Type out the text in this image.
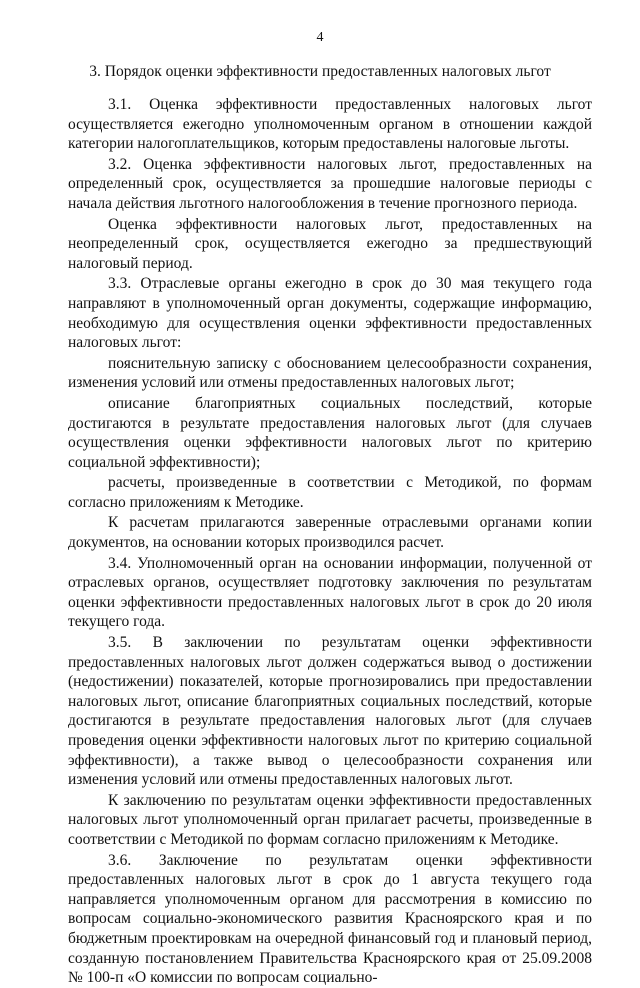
4
3. Порядок оценки эффективности предоставленных налоговых льгот

3.1. Оценка эффективности предоставленных налоговых льгот осуществляется ежегодно уполномоченным органом в отношении каждой категории налогоплательщиков, которым предоставлены налоговые льготы.

3.2. Оценка эффективности налоговых льгот, предоставленных на определенный срок, осуществляется за прошедшие налоговые периоды с начала действия льготного налогообложения в течение прогнозного периода.

Оценка эффективности налоговых льгот, предоставленных на неопределенный срок, осуществляется ежегодно за предшествующий налоговый период.

3.3. Отраслевые органы ежегодно в срок до 30 мая текущего года направляют в уполномоченный орган документы, содержащие информацию, необходимую для осуществления оценки эффективности предоставленных налоговых льгот:

пояснительную записку с обоснованием целесообразности сохранения, изменения условий или отмены предоставленных налоговых льгот;

описание благоприятных социальных последствий, которые достигаются в результате предоставления налоговых льгот (для случаев осуществления оценки эффективности налоговых льгот по критерию социальной эффективности);

расчеты, произведенные в соответствии с Методикой, по формам согласно приложениям к Методике.

К расчетам прилагаются заверенные отраслевыми органами копии документов, на основании которых производился расчет.

3.4. Уполномоченный орган на основании информации, полученной от отраслевых органов, осуществляет подготовку заключения по результатам оценки эффективности предоставленных налоговых льгот в срок до 20 июля текущего года.

3.5. В заключении по результатам оценки эффективности предоставленных налоговых льгот должен содержаться вывод о достижении (недостижении) показателей, которые прогнозировались при предоставлении налоговых льгот, описание благоприятных социальных последствий, которые достигаются в результате предоставления налоговых льгот (для случаев проведения оценки эффективности налоговых льгот по критерию социальной эффективности), а также вывод о целесообразности сохранения или изменения условий или отмены предоставленных налоговых льгот.

К заключению по результатам оценки эффективности предоставленных налоговых льгот уполномоченный орган прилагает расчеты, произведенные в соответствии с Методикой по формам согласно приложениям к Методике.

3.6. Заключение по результатам оценки эффективности предоставленных налоговых льгот в срок до 1 августа текущего года направляется уполномоченным органом для рассмотрения в комиссию по вопросам социально-экономического развития Красноярского края и по бюджетным проектировкам на очередной финансовый год и плановый период, созданную постановлением Правительства Красноярского края от 25.09.2008 № 100-п «О комиссии по вопросам социально-
